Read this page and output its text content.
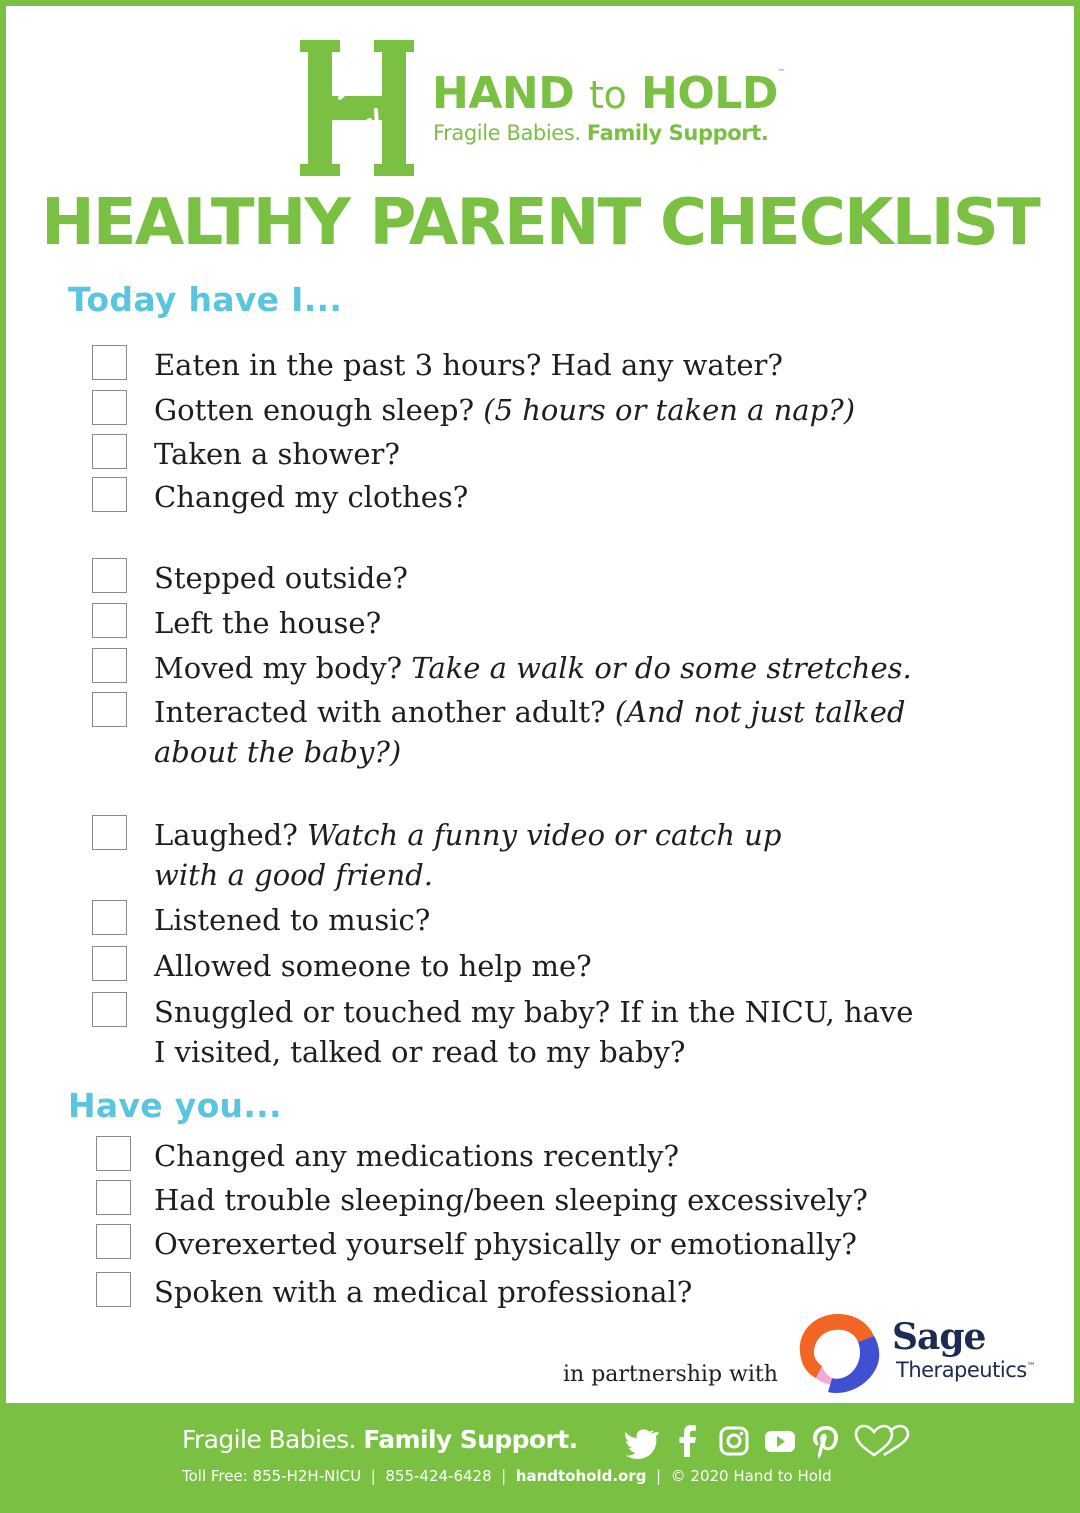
HAND to HOLD™
Fragile Babies. Family Support.
HEALTHY PARENT CHECKLIST
Today have I...
Eaten in the past 3 hours? Had any water?
Gotten enough sleep? (5 hours or taken a nap?)
Taken a shower?
Changed my clothes?
Stepped outside?
Left the house?
Moved my body? Take a walk or do some stretches.
Interacted with another adult? (And not just talked
about the baby?)
Laughed? Watch a funny video or catch up
with a good friend.
Listened to music?
Allowed someone to help me?
Snuggled or touched my baby? If in the NICU, have
I visited, talked or read to my baby?
Have you...
Changed any medications recently?
Had trouble sleeping/been sleeping excessively?
Overexerted yourself physically or emotionally?
Spoken with a medical professional?
in partnership with
Sage
Therapeutics™
Fragile Babies. Family Support.
Toll Free: 855-H2H-NICU | 855-424-6428 | handtohold.org | © 2020 Hand to Hold
